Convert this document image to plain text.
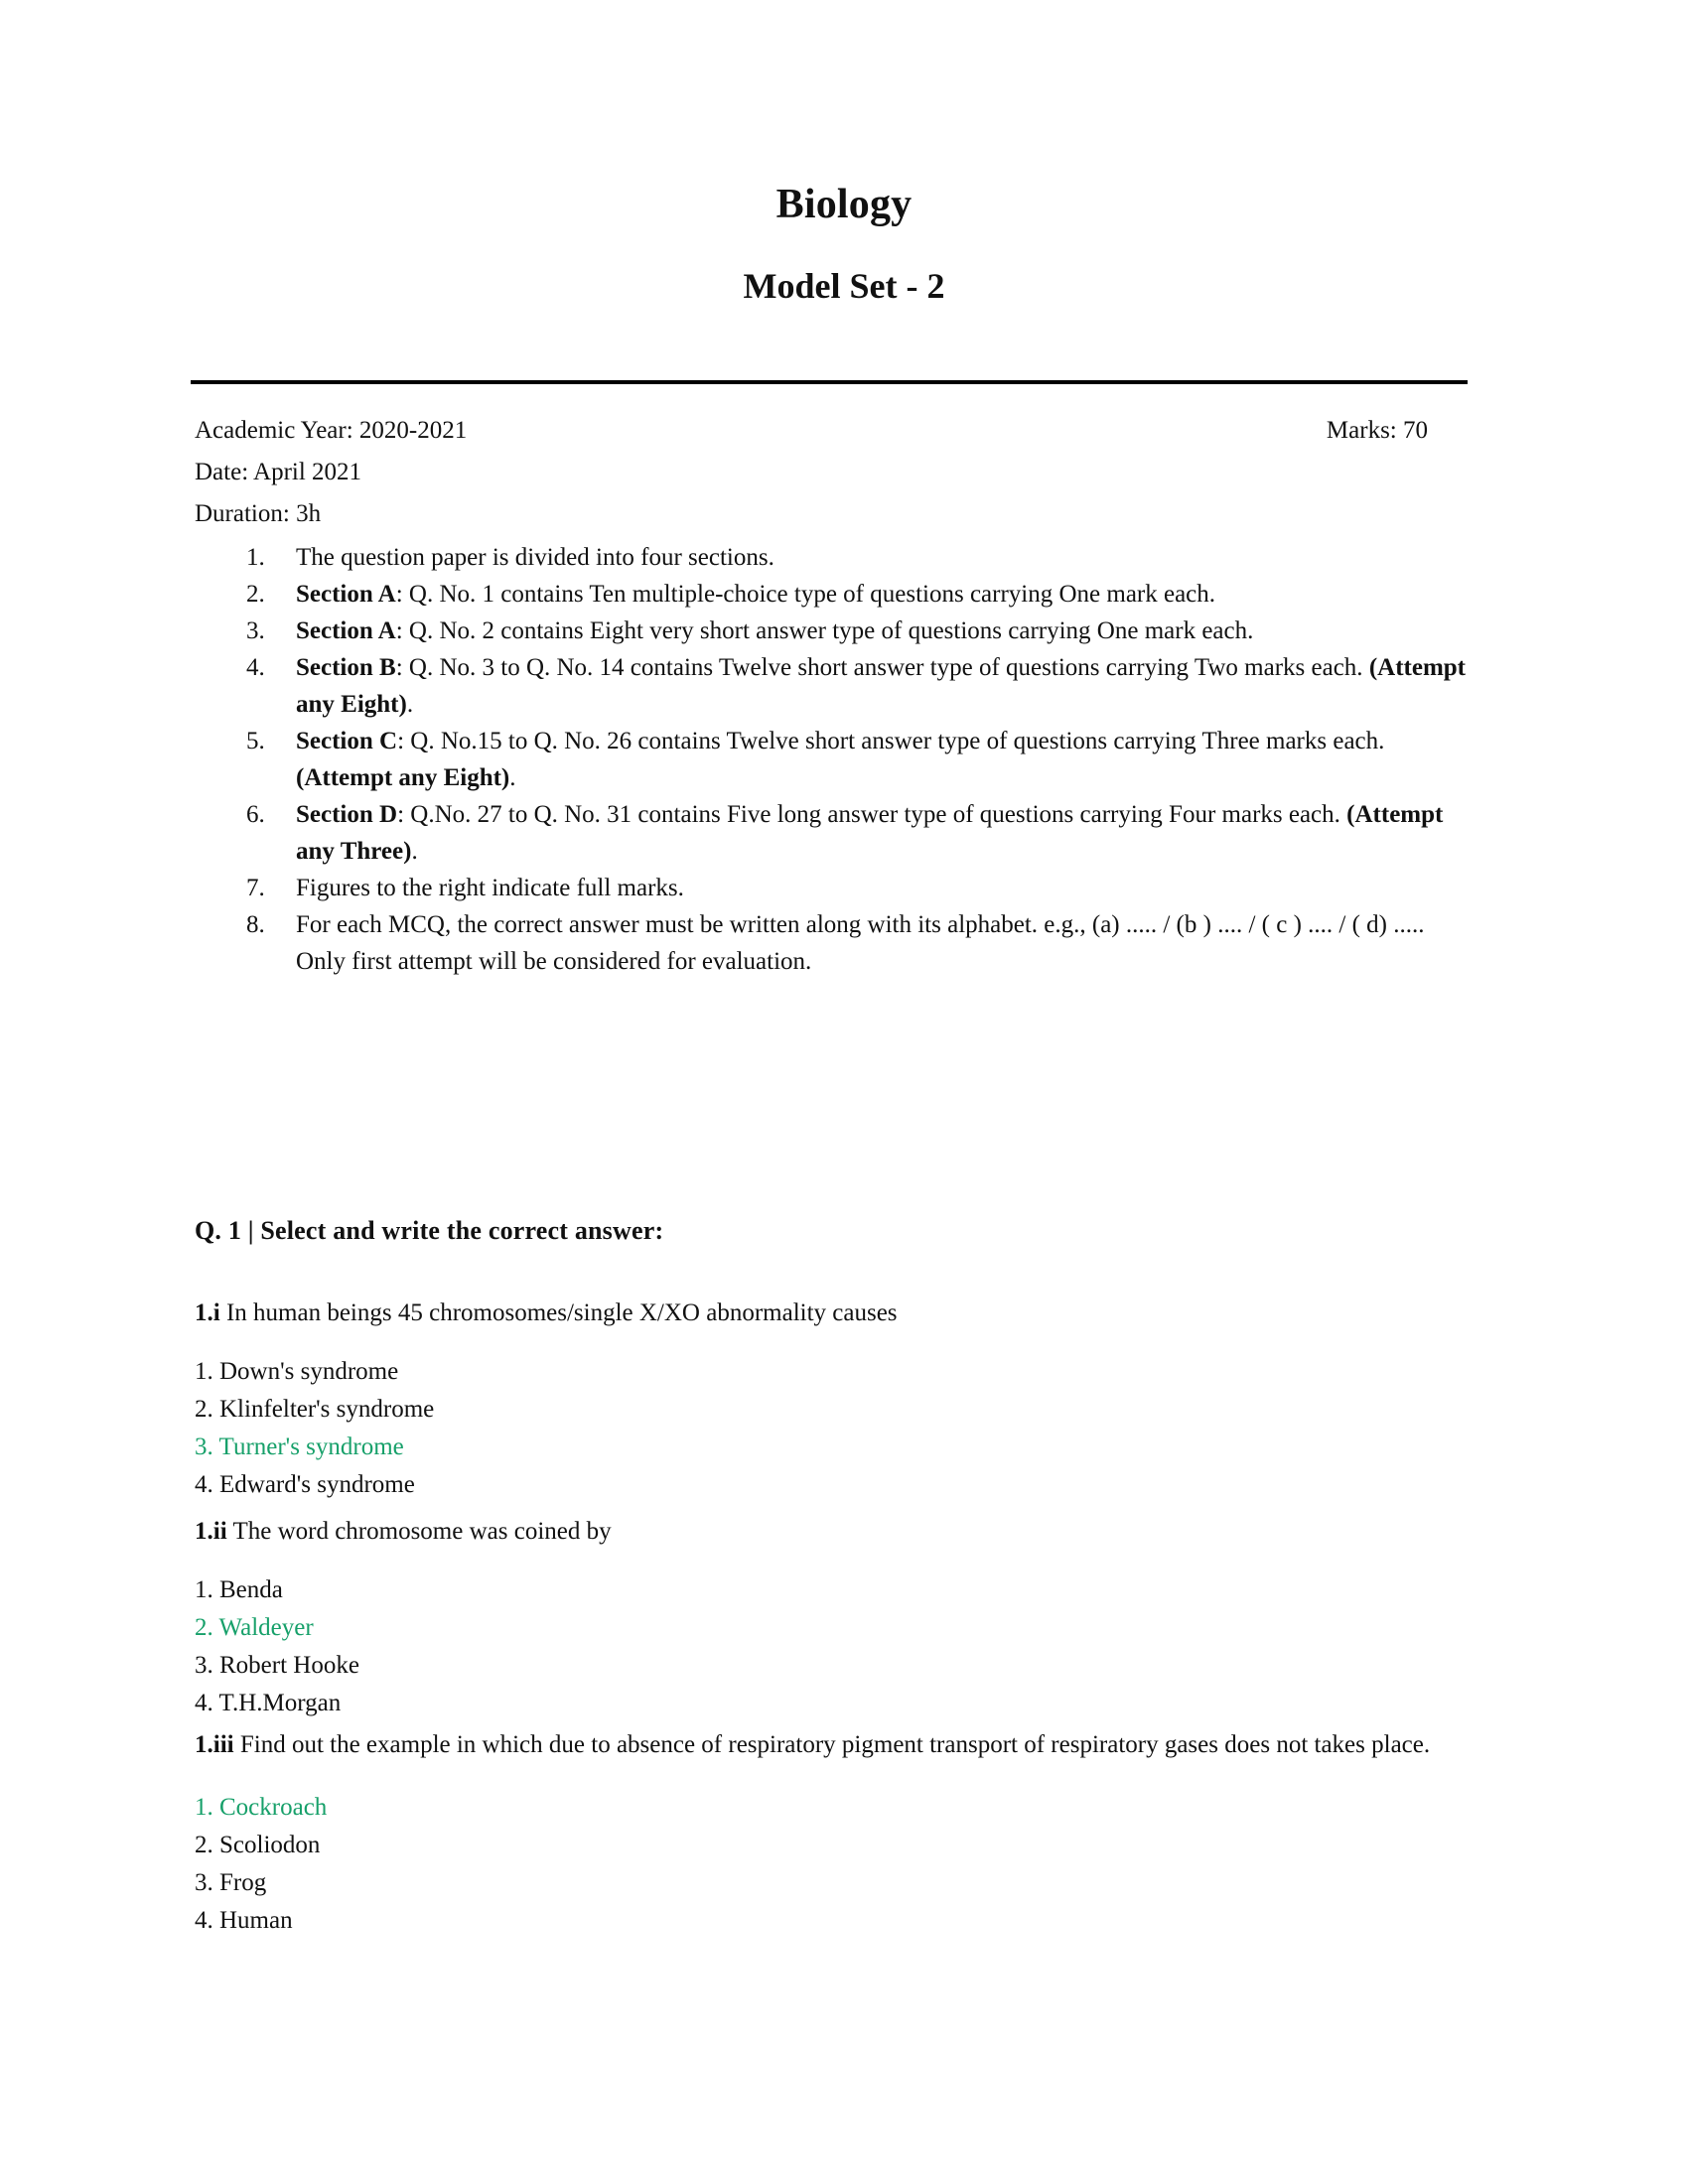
Biology
Model Set - 2
Academic Year: 2020-2021	Marks: 70
Date: April 2021
Duration: 3h
1.	The question paper is divided into four sections.
2.	Section A: Q. No. 1 contains Ten multiple-choice type of questions carrying One mark each.
3.	Section A: Q. No. 2 contains Eight very short answer type of questions carrying One mark each.
4.	Section B: Q. No. 3 to Q. No. 14 contains Twelve short answer type of questions carrying Two marks each. (Attempt any Eight).
5.	Section C: Q. No.15 to Q. No. 26 contains Twelve short answer type of questions carrying Three marks each. (Attempt any Eight).
6.	Section D: Q.No. 27 to Q. No. 31 contains Five long answer type of questions carrying Four marks each. (Attempt any Three).
7.	Figures to the right indicate full marks.
8.	For each MCQ, the correct answer must be written along with its alphabet. e.g., (a) ..... / (b ) .... / ( c ) .... / ( d) ..... Only first attempt will be considered for evaluation.
Q. 1 | Select and write the correct answer:

1.i In human beings 45 chromosomes/single X/XO abnormality causes

1. Down's syndrome
2. Klinfelter's syndrome
3. Turner's syndrome
4. Edward's syndrome

1.ii The word chromosome was coined by

1. Benda
2. Waldeyer
3. Robert Hooke
4. T.H.Morgan

1.iii Find out the example in which due to absence of respiratory pigment transport of respiratory gases does not takes place.

1. Cockroach
2. Scoliodon
3. Frog
4. Human
